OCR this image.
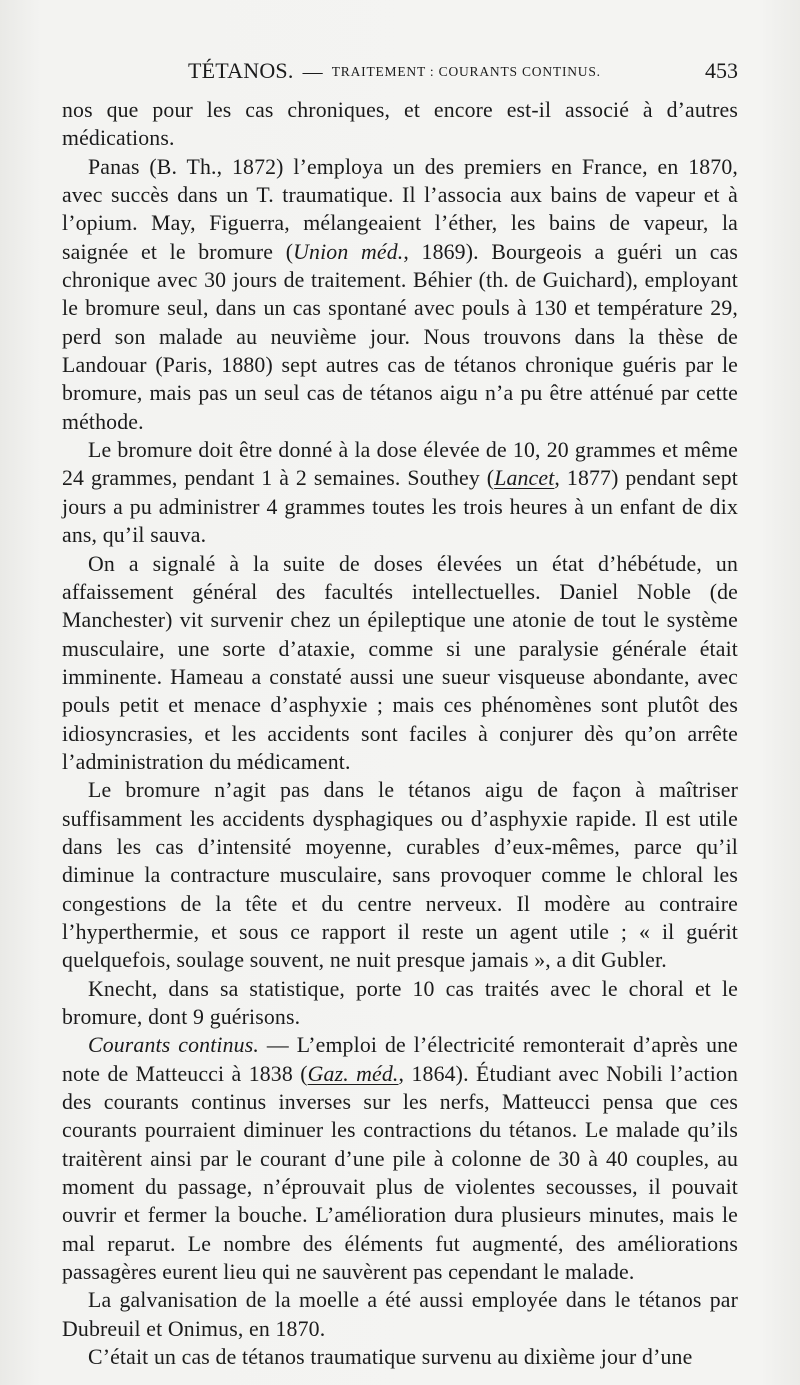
TÉTANOS. — TRAITEMENT : COURANTS CONTINUS.	453

nos que pour les cas chroniques, et encore est-il associé à d’autres médications.

Panas (B. Th., 1872) l’employa un des premiers en France, en 1870, avec succès dans un T. traumatique. Il l’associa aux bains de vapeur et à l’opium. May, Figuerra, mélangeaient l’éther, les bains de vapeur, la saignée et le bromure (Union méd., 1869). Bourgeois a guéri un cas chronique avec 30 jours de traitement. Béhier (th. de Guichard), employant le bromure seul, dans un cas spontané avec pouls à 130 et température 29, perd son malade au neuvième jour. Nous trouvons dans la thèse de Landouar (Paris, 1880) sept autres cas de tétanos chronique guéris par le bromure, mais pas un seul cas de tétanos aigu n’a pu être atténué par cette méthode.

Le bromure doit être donné à la dose élevée de 10, 20 grammes et même 24 grammes, pendant 1 à 2 semaines. Southey (Lancet, 1877) pendant sept jours a pu administrer 4 grammes toutes les trois heures à un enfant de dix ans, qu’il sauva.

On a signalé à la suite de doses élevées un état d’hébétude, un affaissement général des facultés intellectuelles. Daniel Noble (de Manchester) vit survenir chez un épileptique une atonie de tout le système musculaire, une sorte d’ataxie, comme si une paralysie générale était imminente. Hameau a constaté aussi une sueur visqueuse abondante, avec pouls petit et menace d’asphyxie ; mais ces phénomènes sont plutôt des idiosyncrasies, et les accidents sont faciles à conjurer dès qu’on arrête l’administration du médicament.

Le bromure n’agit pas dans le tétanos aigu de façon à maîtriser suffisamment les accidents dysphagiques ou d’asphyxie rapide. Il est utile dans les cas d’intensité moyenne, curables d’eux-mêmes, parce qu’il diminue la contracture musculaire, sans provoquer comme le chloral les congestions de la tête et du centre nerveux. Il modère au contraire l’hyperthermie, et sous ce rapport il reste un agent utile ; « il guérit quelquefois, soulage souvent, ne nuit presque jamais », a dit Gubler.

Knecht, dans sa statistique, porte 10 cas traités avec le choral et le bromure, dont 9 guérisons.

Courants continus. — L’emploi de l’électricité remonterait d’après une note de Matteucci à 1838 (Gaz. méd., 1864). Étudiant avec Nobili l’action des courants continus inverses sur les nerfs, Matteucci pensa que ces courants pourraient diminuer les contractions du tétanos. Le malade qu’ils traitèrent ainsi par le courant d’une pile à colonne de 30 à 40 couples, au moment du passage, n’éprouvait plus de violentes secousses, il pouvait ouvrir et fermer la bouche. L’amélioration dura plusieurs minutes, mais le mal reparut. Le nombre des éléments fut augmenté, des améliorations passagères eurent lieu qui ne sauvèrent pas cependant le malade.

La galvanisation de la moelle a été aussi employée dans le tétanos par Dubreuil et Onimus, en 1870.

C’était un cas de tétanos traumatique survenu au dixième jour d’une
